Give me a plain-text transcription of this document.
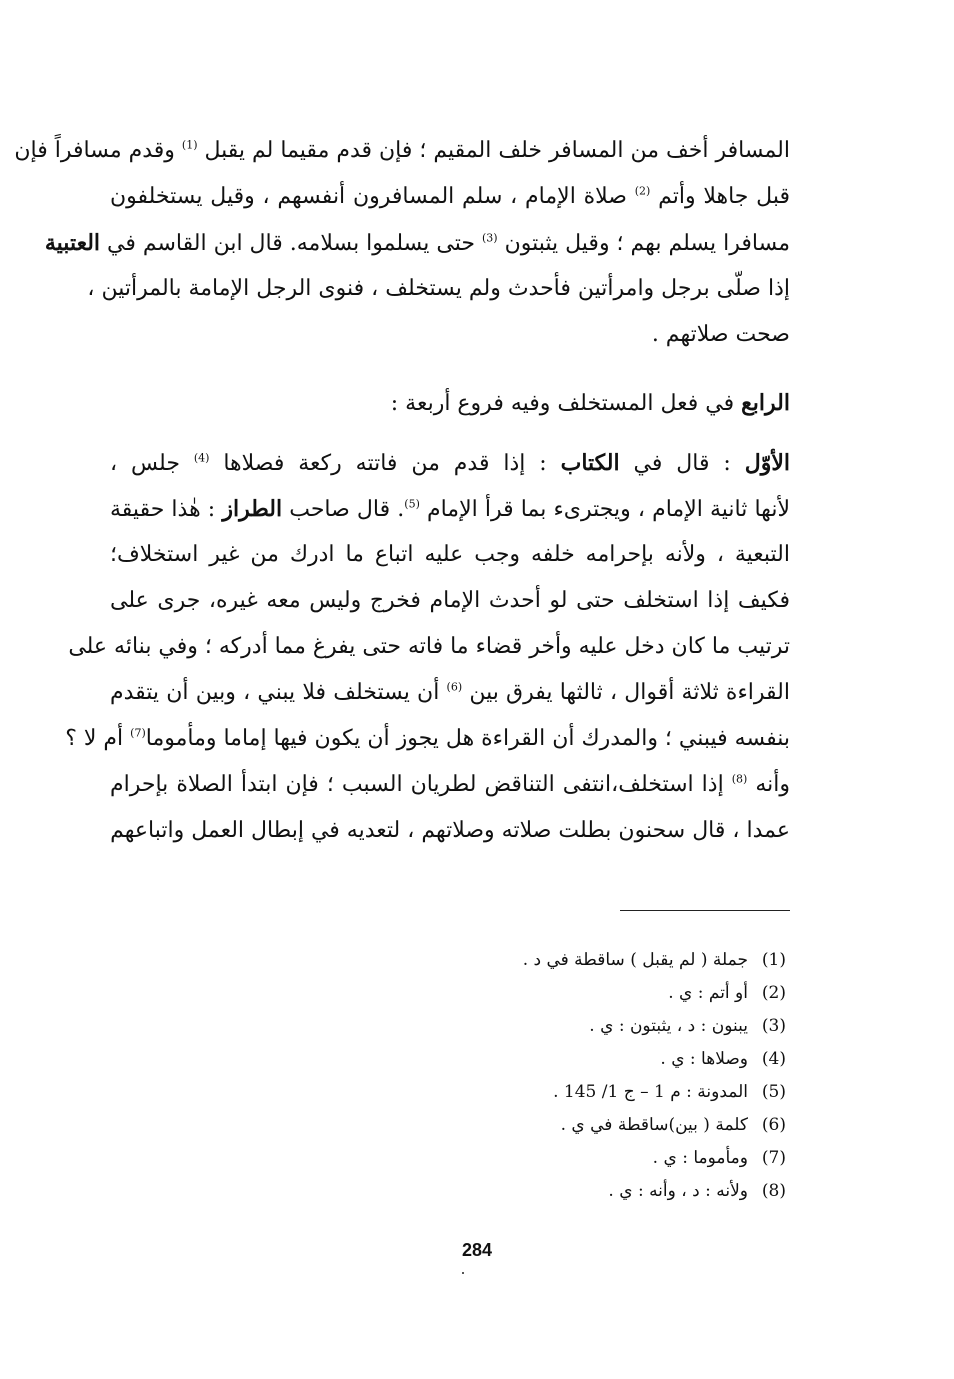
المسافر أخف من المسافر خلف المقيم ؛ فإن قدم مقيما لم يقبل $^{(1)}$ وقدم مسافراً فإن
قبل جاهلا وأتم $^{(2)}$ صلاة الإمام ، سلم المسافرون أنفسهم ، وقيل يستخلفون
مسافرا يسلم بهم ؛ وقيل يثبتون $^{(3)}$ حتى يسلموا بسلامه. قال ابن القاسم في العتبية
إذا صلّى برجل وامرأتين فأحدث ولم يستخلف ، فنوى الرجل الإمامة بالمرأتين ،
صحت صلاتهم .
الرابع في فعل المستخلف وفيه فروع أربعة :
الأوّل : قال في الكتاب : إذا قدم من فاتته ركعة فصلاها $^{(4)}$ جلس ،
لأنها ثانية الإمام ، ويجترىء بما قرأ الإمام $^{(5)}$. قال صاحب الطراز : هٰذا حقيقة
التبعية ، ولأنه بإحرامه خلفه وجب عليه اتباع ما ادرك من غير استخلاف؛
فكيف إذا استخلف حتى لو أحدث الإمام فخرج وليس معه غيره، جرى على
ترتيب ما كان دخل عليه وأخر قضاء ما فاته حتى يفرغ مما أدركه ؛ وفي بنائه على
القراءة ثلاثة أقوال ، ثالثها يفرق بين $^{(6)}$ أن يستخلف فلا يبني ، وبين أن يتقدم
بنفسه فيبني ؛ والمدرك أن القراءة هل يجوز أن يكون فيها إماما ومأموما$^{(7)}$ أم لا ؟
وأنه $^{(8)}$ إذا استخلف،انتفى التناقض لطريان السبب ؛ فإن ابتدأ الصلاة بإحرام
عمدا ، قال سحنون بطلت صلاته وصلاتهم ، لتعديه في إبطال العمل واتباعهم
(1)جملة ( لم يقبل ) ساقطة في د .
(2)أو أتم : ي .
(3)يبنون : د ، يثبتون : ي .
(4)وصلاها : ي .
(5)المدونة : م 1 – ج 1/ 145 .
(6)كلمة ( بين)ساقطة في ي .
(7)ومأموما : ي .
(8)ولأنه : د ، وأنه : ي .
284
